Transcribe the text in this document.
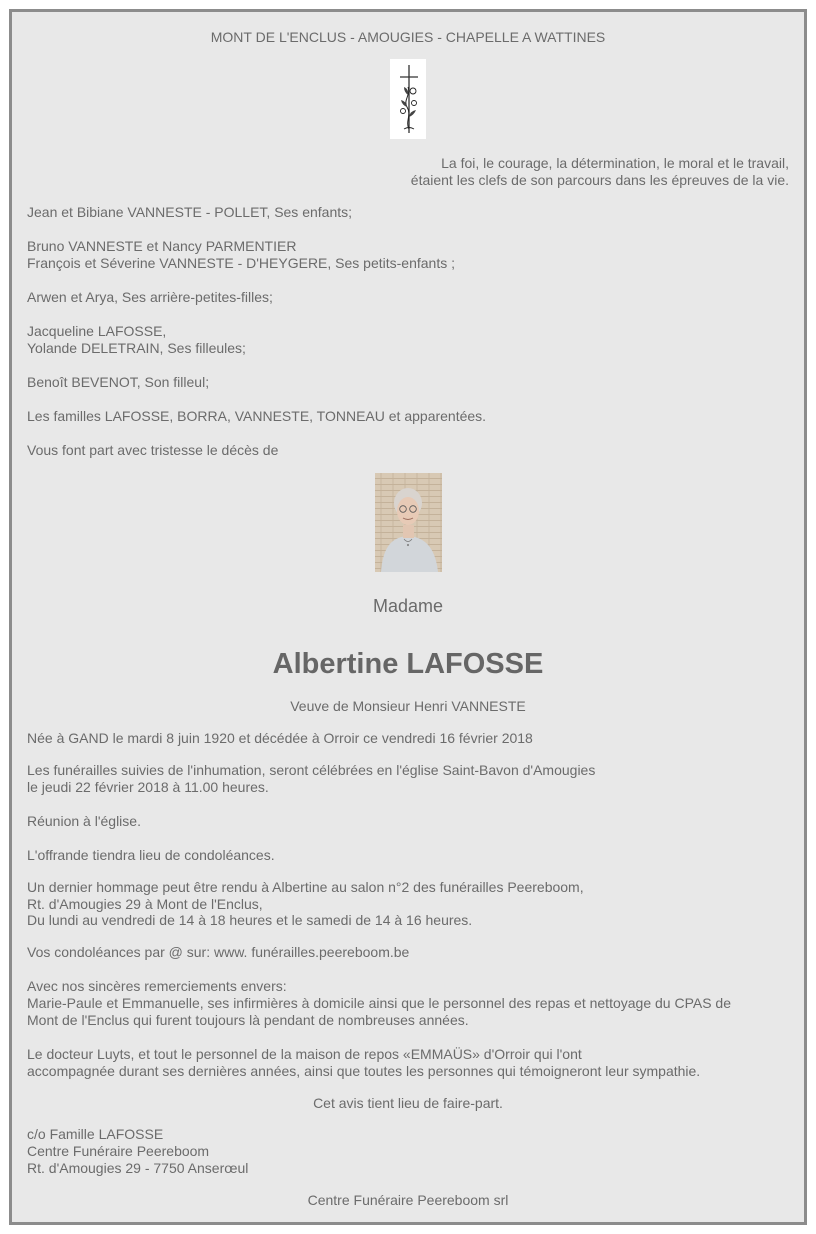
MONT DE L'ENCLUS - AMOUGIES - CHAPELLE A WATTINES
La foi, le courage, la détermination, le moral et le travail,
étaient les clefs de son parcours dans les épreuves de la vie.
Jean et Bibiane VANNESTE - POLLET, Ses enfants;
Bruno VANNESTE et Nancy PARMENTIER
François et Séverine VANNESTE - D'HEYGERE, Ses petits-enfants ;
Arwen et Arya, Ses arrière-petites-filles;
Jacqueline LAFOSSE,
Yolande DELETRAIN, Ses filleules;
Benoît BEVENOT, Son filleul;
Les familles LAFOSSE, BORRA, VANNESTE, TONNEAU et apparentées.
Vous font part avec tristesse le décès de
Madame
Albertine LAFOSSE
Veuve de Monsieur Henri VANNESTE
Née à GAND le mardi 8 juin 1920 et décédée à Orroir ce vendredi 16 février 2018
Les funérailles suivies de l'inhumation, seront célébrées en l'église Saint-Bavon d'Amougies
le jeudi 22 février 2018 à 11.00 heures.
Réunion à l'église.
L'offrande tiendra lieu de condoléances.
Un dernier hommage peut être rendu à Albertine au salon n°2 des funérailles Peereboom,
Rt. d'Amougies 29 à Mont de l'Enclus,
Du lundi au vendredi de 14 à 18 heures et le samedi de 14 à 16 heures.
Vos condoléances par @ sur: www. funérailles.peereboom.be
Avec nos sincères remerciements envers:
Marie-Paule et Emmanuelle, ses infirmières à domicile ainsi que le personnel des repas et nettoyage du CPAS de
Mont de l'Enclus qui furent toujours là pendant de nombreuses années.
Le docteur Luyts, et tout le personnel de la maison de repos «EMMAÜS» d'Orroir qui l'ont
accompagnée durant ses dernières années, ainsi que toutes les personnes qui témoigneront leur sympathie.
Cet avis tient lieu de faire-part.
c/o Famille LAFOSSE
Centre Funéraire Peereboom
Rt. d'Amougies 29 - 7750 Anserœul
Centre Funéraire Peereboom srl
